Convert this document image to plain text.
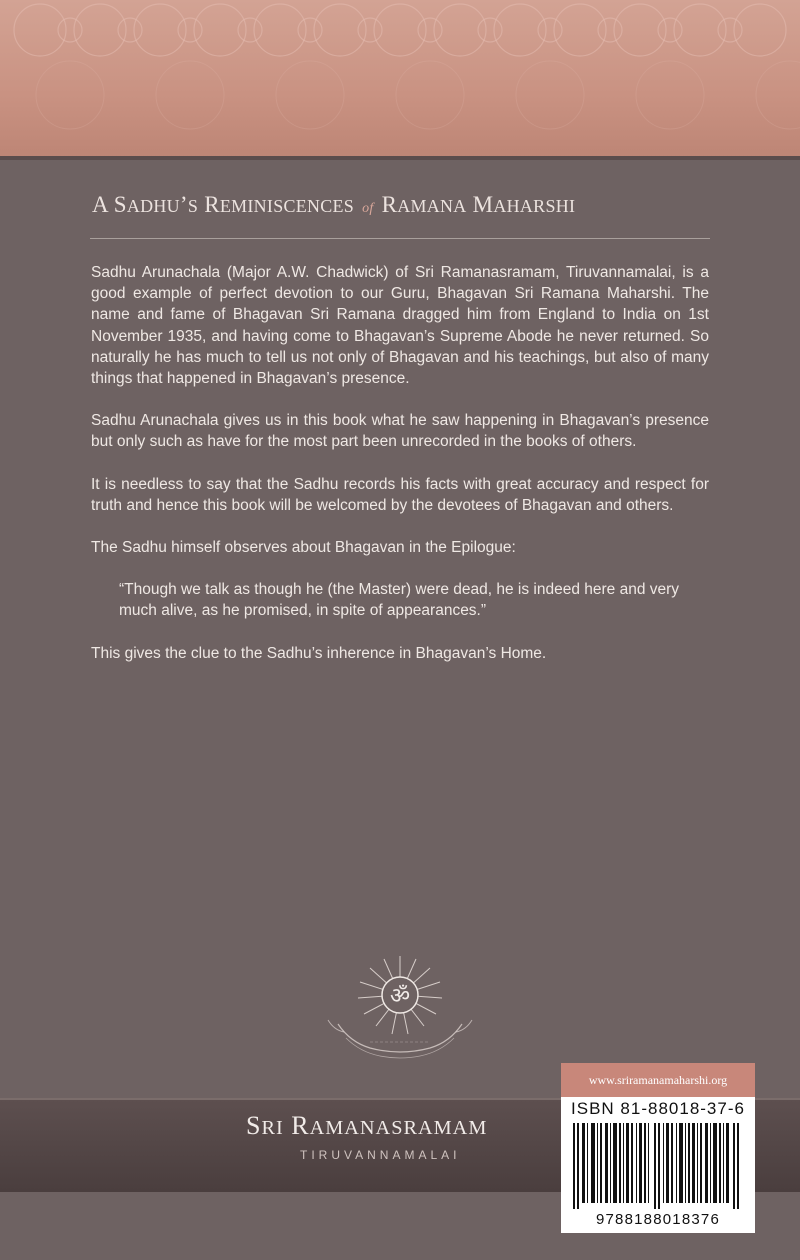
A SADHU’S REMINISCENCES of RAMANA MAHARSHI

Sadhu Arunachala (Major A.W. Chadwick) of Sri Ramanasramam, Tiruvannamalai, is a good example of perfect devotion to our Guru, Bhagavan Sri Ramana Maharshi. The name and fame of Bhagavan Sri Ramana dragged him from England to India on 1st November 1935, and having come to Bhagavan’s Supreme Abode he never returned. So naturally he has much to tell us not only of Bhagavan and his teachings, but also of many things that happened in Bhagavan’s presence.

Sadhu Arunachala gives us in this book what he saw happening in Bhagavan’s presence but only such as have for the most part been unrecorded in the books of others.

It is needless to say that the Sadhu records his facts with great accuracy and respect for truth and hence this book will be welcomed by the devotees of Bhagavan and others.

The Sadhu himself observes about Bhagavan in the Epilogue:

“Though we talk as though he (the Master) were dead, he is indeed here and very much alive, as he promised, in spite of appearances.”

This gives the clue to the Sadhu’s inherence in Bhagavan’s Home.

ॐ
SRI RAMANASRAMAM
TIRUVANNAMALAI
www.sriramanamaharshi.org
ISBN 81-88018-37-6
9788188018376
